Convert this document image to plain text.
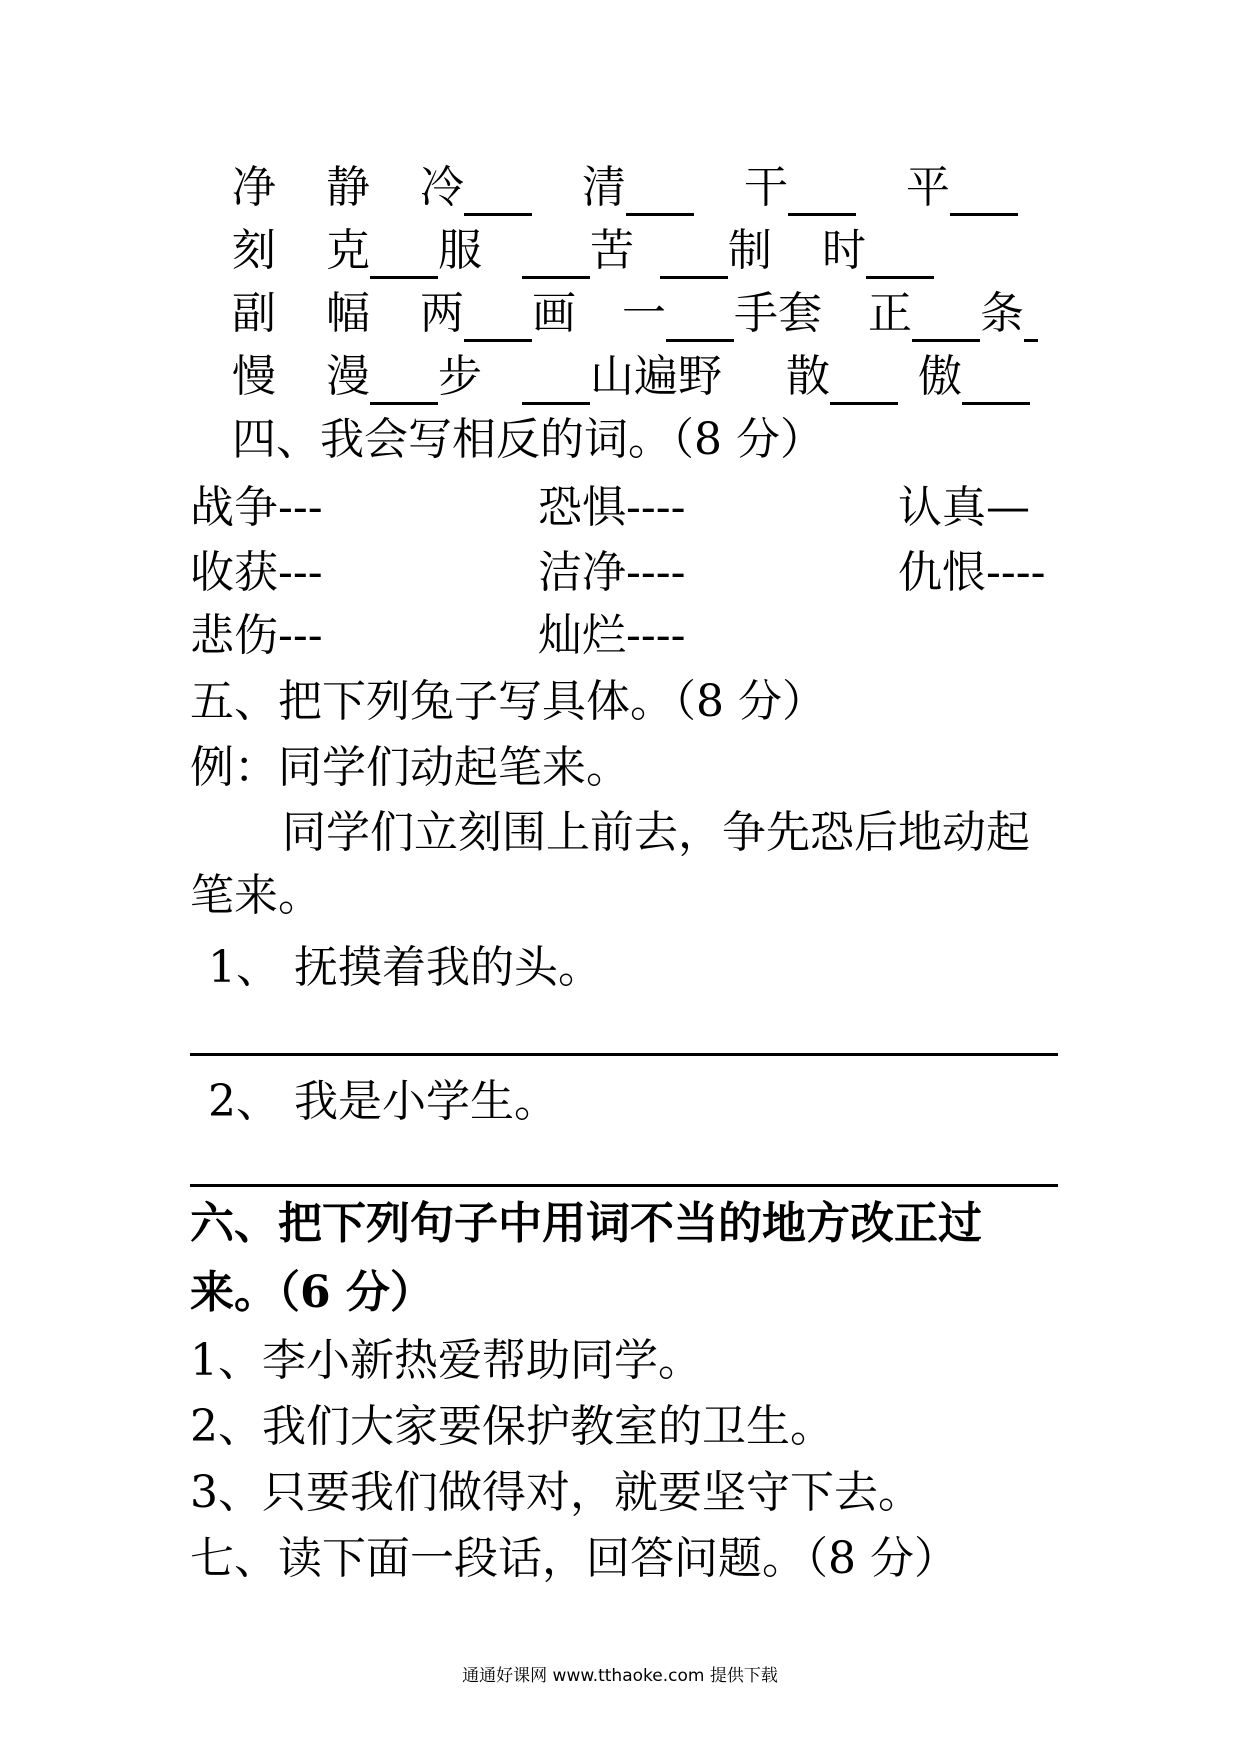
净 静 冷	清	干	平
刻 克 服 苦 制 时
副 幅 两 画 一 手套 正 条
慢 漫 步 山遍野 散 傲
四、我会写相反的词。（8 分）
战争---	恐惧----	认真—
收获---	洁净----	仇恨----
悲伤---	灿烂----
五、把下列兔子写具体。（8 分）
例： 同学们动起笔来。
同学们立刻围上前去，争先恐后地动起
笔来。
1、 抚摸着我的头。
2、 我是小学生。
六、把下列句子中用词不当的地方改正过
来。（6 分）
1、李小新热爱帮助同学。
2、我们大家要保护教室的卫生。
3、只要我们做得对，就要坚守下去。
七、读下面一段话，回答问题。（8 分）
通通好课网 www.tthaoke.com 提供下载
